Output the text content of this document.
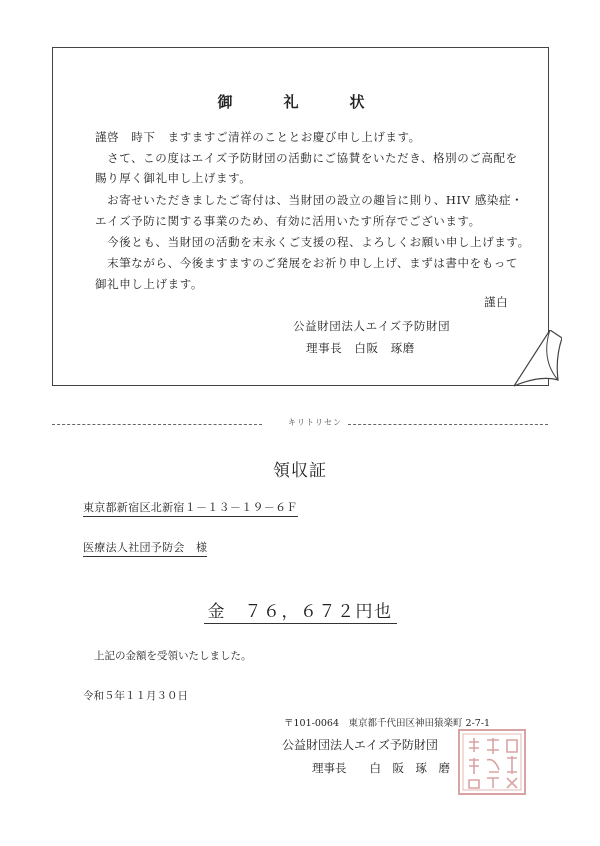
御　礼　状
謹啓　時下　ますますご清祥のこととお慶び申し上げます。
　さて、この度はエイズ予防財団の活動にご協賛をいただき、格別のご高配を
賜り厚く御礼申し上げます。
　お寄せいただきましたご寄付は、当財団の設立の趣旨に則り、HIV 感染症・
エイズ予防に関する事業のため、有効に活用いたす所存でございます。
　今後とも、当財団の活動を末永くご支援の程、よろしくお願い申し上げます。
　末筆ながら、今後ますますのご発展をお祈り申し上げ、まずは書中をもって
御礼申し上げます。
謹白
公益財団法人エイズ予防財団
理事長　白阪　琢磨
キリトリセン
領収証
東京都新宿区北新宿１－１３－１９－６Ｆ
医療法人社団予防会　様
金　７６，６７２円也
上記の金額を受領いたしました。
令和５年１１月３０日
〒101-0064　東京都千代田区神田猿楽町 2-7-1
公益財団法人エイズ予防財団
理事長　　白　阪　琢　磨
